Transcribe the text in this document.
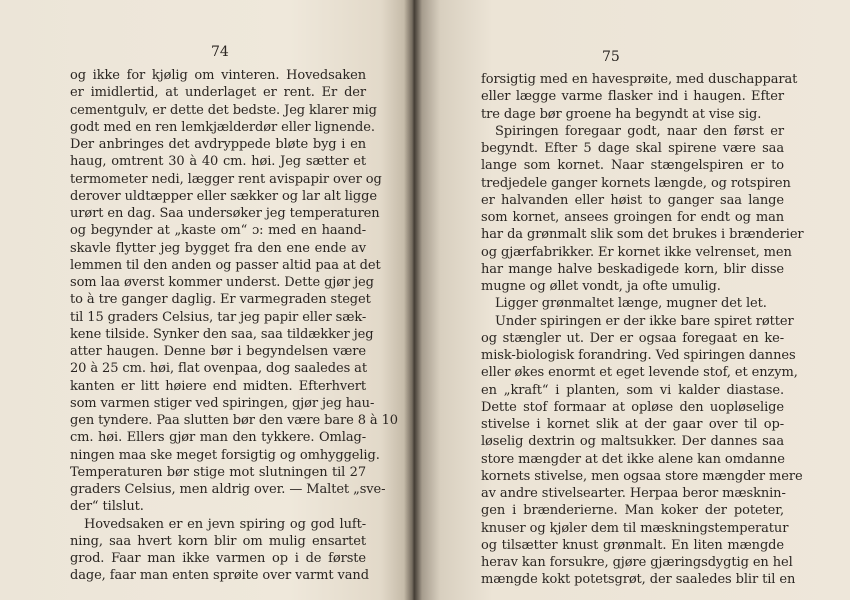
74
og ikke for kjølig om vinteren. Hovedsaken
er imidlertid, at underlaget er rent. Er der
cementgulv, er dette det bedste. Jeg klarer mig
godt med en ren lemkjælderdør eller lignende.
Der anbringes det avdryppede bløte byg i en
haug, omtrent 30 à 40 cm. høi. Jeg sætter et
termometer nedi, lægger rent avispapir over og
derover uldtæpper eller sækker og lar alt ligge
urørt en dag. Saa undersøker jeg temperaturen
og begynder at „kaste om“ ɔ: med en haand-
skavle flytter jeg bygget fra den ene ende av
lemmen til den anden og passer altid paa at det
som laa øverst kommer underst. Dette gjør jeg
to à tre ganger daglig. Er varmegraden steget
til 15 graders Celsius, tar jeg papir eller sæk-
kene tilside. Synker den saa, saa tildækker jeg
atter haugen. Denne bør i begyndelsen være
20 à 25 cm. høi, flat ovenpaa, dog saaledes at
kanten er litt høiere end midten. Efterhvert
som varmen stiger ved spiringen, gjør jeg hau-
gen tyndere. Paa slutten bør den være bare 8 à 10
cm. høi. Ellers gjør man den tykkere. Omlag-
ningen maa ske meget forsigtig og omhyggelig.
Temperaturen bør stige mot slutningen til 27
graders Celsius, men aldrig over. — Maltet „sve-
der“ tilslut.
Hovedsaken er en jevn spiring og god luft-
ning, saa hvert korn blir om mulig ensartet
grod. Faar man ikke varmen op i de første
dage, faar man enten sprøite over varmt vand
75
forsigtig med en havesprøite, med duschapparat
eller lægge varme flasker ind i haugen. Efter
tre dage bør groene ha begyndt at vise sig.
Spiringen foregaar godt, naar den først er
begyndt. Efter 5 dage skal spirene være saa
lange som kornet. Naar stængelspiren er to
tredjedele ganger kornets længde, og rotspiren
er halvanden eller høist to ganger saa lange
som kornet, ansees groingen for endt og man
har da grønmalt slik som det brukes i brænderier
og gjærfabrikker. Er kornet ikke velrenset, men
har mange halve beskadigede korn, blir disse
mugne og øllet vondt, ja ofte umulig.
Ligger grønmaltet længe, mugner det let.
Under spiringen er der ikke bare spiret røtter
og stængler ut. Der er ogsaa foregaat en ke-
misk-biologisk forandring. Ved spiringen dannes
eller økes enormt et eget levende stof, et enzym,
en „kraft“ i planten, som vi kalder diastase.
Dette stof formaar at opløse den uopløselige
stivelse i kornet slik at der gaar over til op-
løselig dextrin og maltsukker. Der dannes saa
store mængder at det ikke alene kan omdanne
kornets stivelse, men ogsaa store mængder mere
av andre stivelsearter. Herpaa beror mæsknin-
gen i brænderierne. Man koker der poteter,
knuser og kjøler dem til mæskningstemperatur
og tilsætter knust grønmalt. En liten mængde
herav kan forsukre, gjøre gjæringsdygtig en hel
mængde kokt potetsgrøt, der saaledes blir til en
